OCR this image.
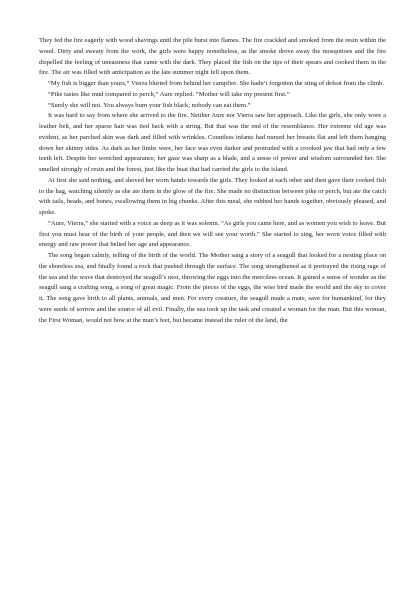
They fed the fire eagerly with wood shavings until the pile burst into flames. The fire crackled and smoked from the resin within the wood. Dirty and sweaty from the work, the girls were happy nonetheless, as the smoke drove away the mosquitoes and the fire dispelled the feeling of uneasiness that came with the dark. They placed the fish on the tips of their spears and cooked them in the fire. The air was filled with anticipation as the late summer night fell upon them.

“My fish is bigger than yours,” Vierra blurted from behind her campfire. She hadn’t forgotten the sting of defeat from the climb.

“Pike tastes like mud compared to perch,” Aure replied. “Mother will take my present first.”

“Surely she will not. You always burn your fish black; nobody can eat them.”

It was hard to say from where she arrived to the fire. Neither Aure nor Vierra saw her approach. Like the girls, she only wore a leather belt, and her sparse hair was tied back with a string. But that was the end of the resemblance. Her extreme old age was evident, as her parched skin was dark and filled with wrinkles. Countless infants had nursed her breasts flat and left them hanging down her skinny sides. As dark as her limbs were, her face was even darker and protruded with a crooked jaw that had only a few teeth left. Despite her wretched appearance, her gaze was sharp as a blade, and a sense of power and wisdom surrounded her. She smelled strongly of resin and the forest, just like the boat that had carried the girls to the island.

At first she said nothing, and shoved her worn hands towards the girls. They looked at each other and then gave their cooked fish to the hag, watching silently as she ate them in the glow of the fire. She made no distinction between pike or perch, but ate the catch with tails, heads, and bones, swallowing them in big chunks. After this meal, she rubbed her hands together, obviously pleased, and spoke.

“Aure, Vierra,” she started with a voice as deep as it was solemn. “As girls you came here, and as women you wish to leave. But first you must hear of the birth of your people, and then we will see your worth.” She started to sing, her worn voice filled with energy and raw power that belied her age and appearance.

The song began calmly, telling of the birth of the world. The Mother sang a story of a seagull that looked for a nesting place on the shoreless sea, and finally found a rock that pushed through the surface. The song strengthened as it portrayed the rising rage of the sea and the wave that destroyed the seagull’s nest, throwing the eggs into the merciless ocean. It gained a sense of wonder as the seagull sang a crafting song, a song of great magic. From the pieces of the eggs, the wise bird made the world and the sky to cover it. The song gave birth to all plants, animals, and men. For every creature, the seagull made a mate, save for humankind, for they were seeds of sorrow and the source of all evil. Finally, the sea took up the task and created a woman for the man. But this woman, the First Woman, would not bow at the man’s feet, but became instead the ruler of the land, the
